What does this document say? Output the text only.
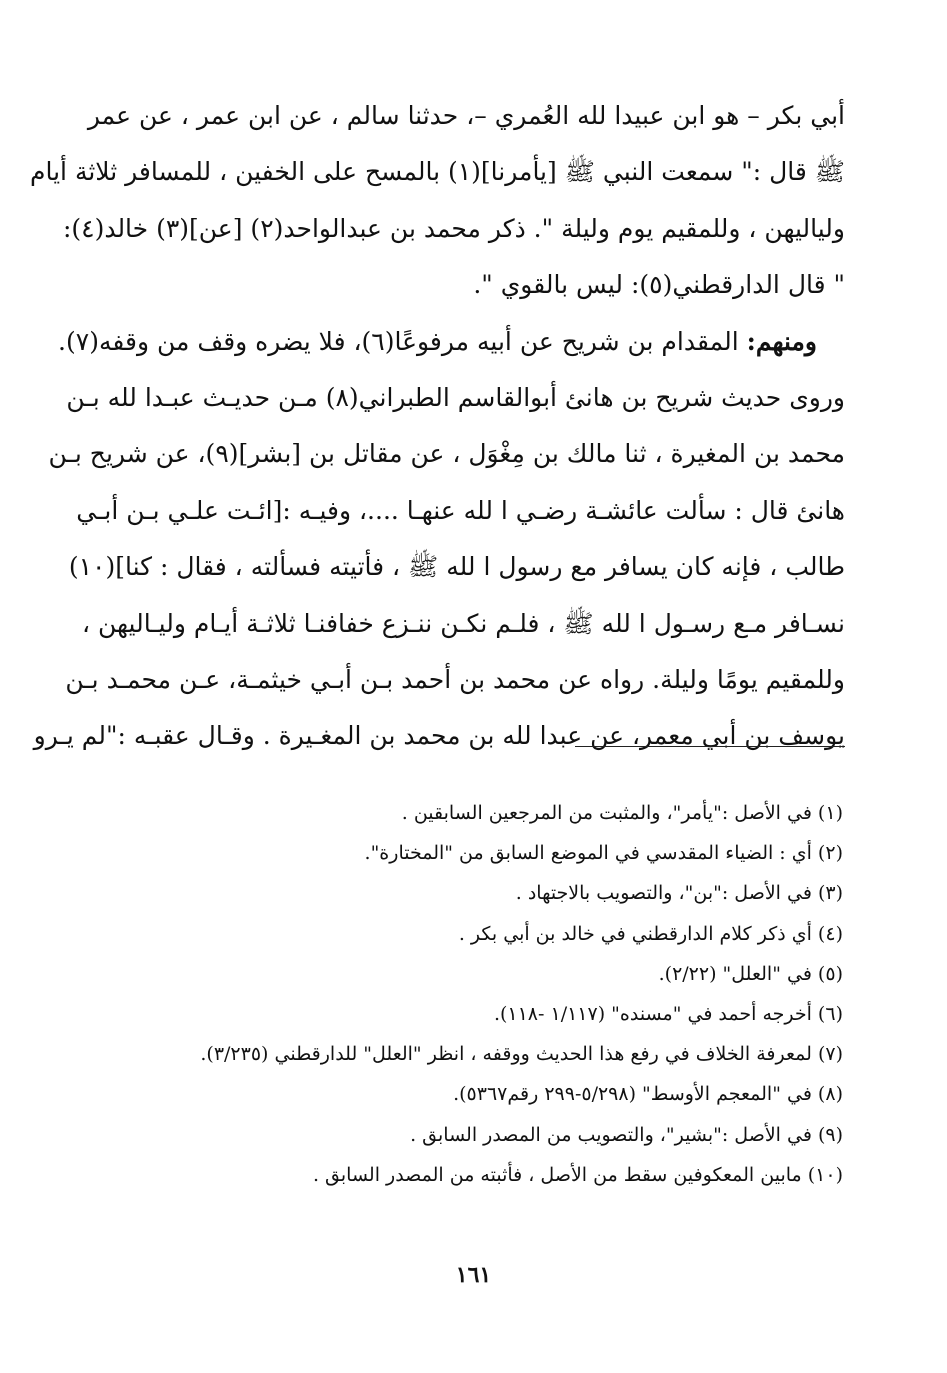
أبي بكر – هو ابن عبيدا لله العُمري –، حدثنا سالم ، عن ابن عمر ، عن عمر
ﷺ قال :" سمعت النبي ﷺ [يأمرنا](١) بالمسح على الخفين ، للمسافر ثلاثة أيام
ولياليهن ، وللمقيم يوم وليلة ". ذكر محمد بن عبدالواحد(٢) [عن](٣) خالد(٤):
" قال الدارقطني(٥): ليس بالقوي ".
ومنهم: المقدام بن شريح عن أبيه مرفوعًا(٦)، فلا يضره وقف من وقفه(٧).
وروى حديث شريح بن هانئ أبوالقاسم الطبراني(٨) مـن حديـث عبـدا لله بـن
محمد بن المغيرة ، ثنا مالك بن مِغْوَل ، عن مقاتل بن [بشر](٩)، عن شريح بـن
هانئ قال : سألت عائشـة رضـي ا لله عنهـا ....، وفيـه :[ائـت علـي بـن أبـي
طالب ، فإنه كان يسافر مع رسول ا لله ﷺ ، فأتيته فسألته ، فقال : كنا](١٠)
نسـافر مـع رسـول ا لله ﷺ ، فلـم نكـن ننـزع خفافنـا ثلاثـة أيـام وليـاليهن ،
وللمقيم يومًا وليلة. رواه عن محمد بن أحمد بـن أبـي خيثمـة، عـن محمـد بـن
يوسف بن أبي معمر، عن عبدا لله بن محمد بن المغـيرة . وقـال عقبـه :"لم يـرو
(١) في الأصل :"يأمر"، والمثبت من المرجعين السابقين .
(٢) أي : الضياء المقدسي في الموضع السابق من "المختارة".
(٣) في الأصل :"بن"، والتصويب بالاجتهاد .
(٤) أي ذكر كلام الدارقطني في خالد بن أبي بكر .
(٥) في "العلل" (٢/٢٢).
(٦) أخرجه أحمد في "مسنده" (١/١١٧ -١١٨).
(٧) لمعرفة الخلاف في رفع هذا الحديث ووقفه ، انظر "العلل" للدارقطني (٣/٢٣٥).
(٨) في "المعجم الأوسط" (٥/٢٩٨-٢٩٩ رقم٥٣٦٧).
(٩) في الأصل :"بشير"، والتصويب من المصدر السابق .
(١٠) مابين المعكوفين سقط من الأصل ، فأثبته من المصدر السابق .
١٦١
